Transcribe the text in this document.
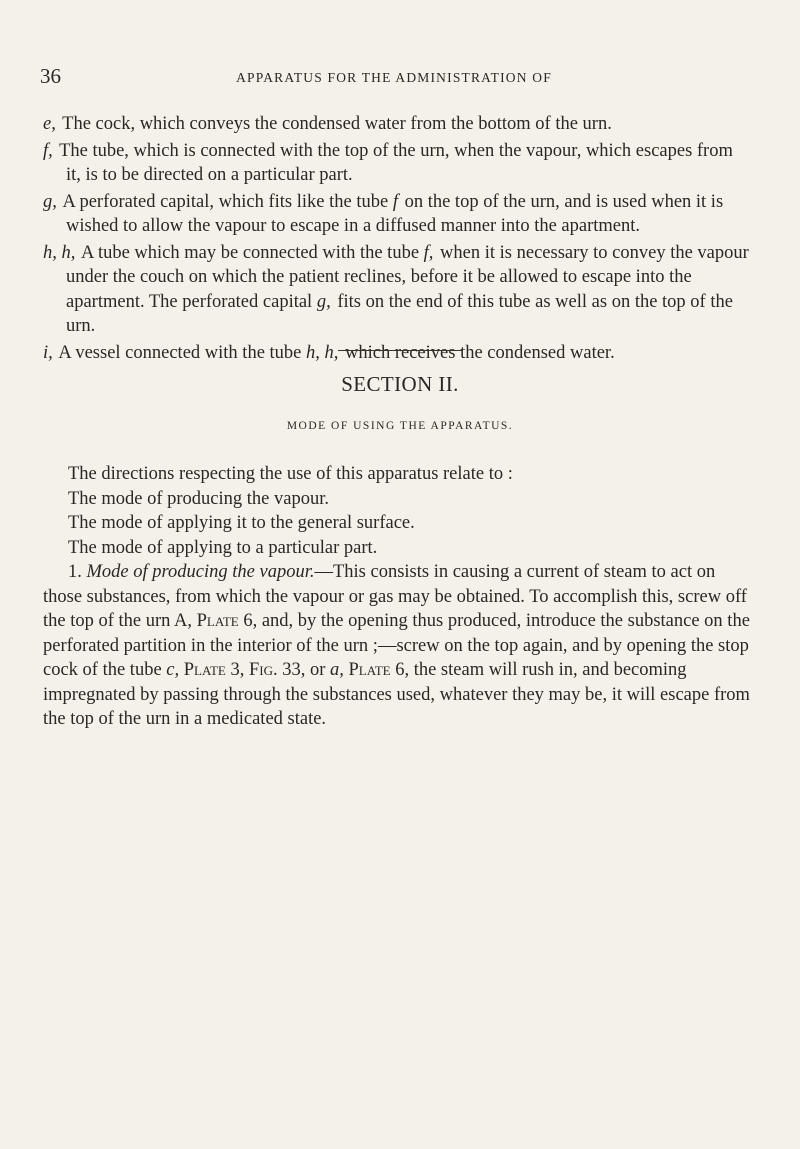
36	APPARATUS FOR THE ADMINISTRATION OF

e, The cock, which conveys the condensed water from the bottom of the urn.

f, The tube, which is connected with the top of the urn, when the vapour, which escapes from it, is to be directed on a particular part.

g, A perforated capital, which fits like the tube f on the top of the urn, and is used when it is wished to allow the vapour to escape in a diffused manner into the apartment.

h, h, A tube which may be connected with the tube f, when it is necessary to convey the vapour under the couch on which the patient reclines, before it be allowed to escape into the apartment. The perforated capital g, fits on the end of this tube as well as on the top of the urn.

i, A vessel connected with the tube h, h, which receives the condensed water.

SECTION II.
MODE OF USING THE APPARATUS.

The directions respecting the use of this apparatus relate to :

The mode of producing the vapour.

The mode of applying it to the general surface.

The mode of applying to a particular part.

1. Mode of producing the vapour.—This consists in causing a current of steam to act on those substances, from which the vapour or gas may be obtained. To accomplish this, screw off the top of the urn A, Plate 6, and, by the opening thus produced, introduce the substance on the perforated partition in the interior of the urn ;—screw on the top again, and by opening the stop cock of the tube c, Plate 3, Fig. 33, or a, Plate 6, the steam will rush in, and becoming impregnated by passing through the substances used, whatever they may be, it will escape from the top of the urn in a medicated state.
